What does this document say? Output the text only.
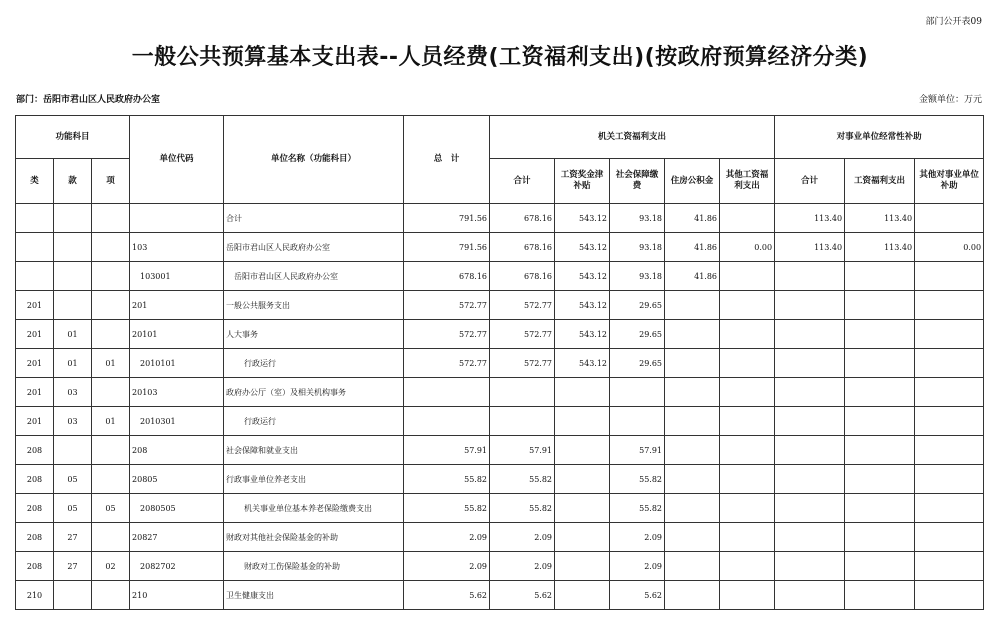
部门公开表09
一般公共预算基本支出表--人员经费(工资福利支出)(按政府预算经济分类)
部门：岳阳市君山区人民政府办公室	金额单位：万元
功能科目			单位代码	单位名称（功能科目）	总　计	机关工资福利支出					对事业单位经常性补助		
类	款	项				合计	工资奖金津补贴	社会保障缴费	住房公积金	其他工资福利支出	合计	工资福利支出	其他对事业单位补助
				合计	791.56	678.16	543.12	93.18	41.86		113.40	113.40	
			103	岳阳市君山区人民政府办公室	791.56	678.16	543.12	93.18	41.86	0.00	113.40	113.40	0.00
			103001	岳阳市君山区人民政府办公室	678.16	678.16	543.12	93.18	41.86				
201			201	一般公共服务支出	572.77	572.77	543.12	29.65					
201	01		20101	人大事务	572.77	572.77	543.12	29.65					
201	01	01	2010101	行政运行	572.77	572.77	543.12	29.65					
201	03		20103	政府办公厅（室）及相关机构事务									
201	03	01	2010301	行政运行									
208			208	社会保障和就业支出	57.91	57.91		57.91					
208	05		20805	行政事业单位养老支出	55.82	55.82		55.82					
208	05	05	2080505	机关事业单位基本养老保险缴费支出	55.82	55.82		55.82					
208	27		20827	财政对其他社会保险基金的补助	2.09	2.09		2.09					
208	27	02	2082702	财政对工伤保险基金的补助	2.09	2.09		2.09					
210			210	卫生健康支出	5.62	5.62		5.62					
